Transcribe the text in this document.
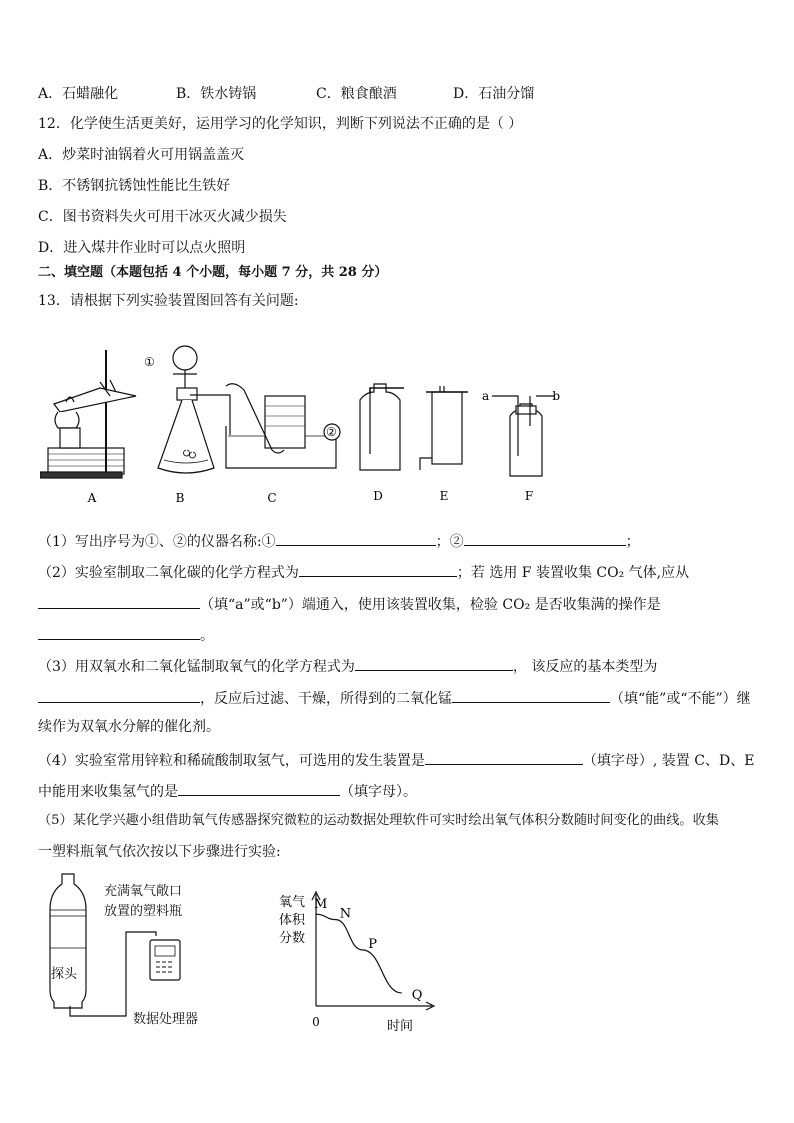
A．石蜡融化	B．铁水铸锅	C．粮食酿酒	D．石油分馏
12．化学使生活更美好，运用学习的化学知识，判断下列说法不正确的是（ ）
A．炒菜时油锅着火可用锅盖盖灭
B．不锈钢抗锈蚀性能比生铁好
C．图书资料失火可用干冰灭火减少损失
D．进入煤井作业时可以点火照明
二、填空题（本题包括 4 个小题，每小题 7 分，共 28 分）
13．请根据下列实验装置图回答有关问题:
①
②
a	b
A	B	C	D	E	F
（1）写出序号为①、②的仪器名称:①	；②	；
（2）实验室制取二氧化碳的化学方程式为	；若 选用 F 装置收集 CO₂ 气体,应从
（填“a”或“b”）端通入，使用该装置收集，检验 CO₂ 是否收集满的操作是
。
（3）用双氧水和二氧化锰制取氧气的化学方程式为	， 该反应的基本类型为
，反应后过滤、干燥，所得到的二氧化锰	（填“能”或“不能”）继
续作为双氧水分解的催化剂。
（4）实验室常用锌粒和稀硫酸制取氢气，可选用的发生装置是	（填字母）, 装置 C、D、E
中能用来收集氢气的是	（填字母）。
（5）某化学兴趣小组借助氧气传感器探究微粒的运动数据处理软件可实时绘出氧气体积分数随时间变化的曲线。收集
一塑料瓶氧气依次按以下步骤进行实验:
充满氧气敞口
放置的塑料瓶
探头
数据处理器
氧气
体积
分数
0	时间
M
N
P
Q
